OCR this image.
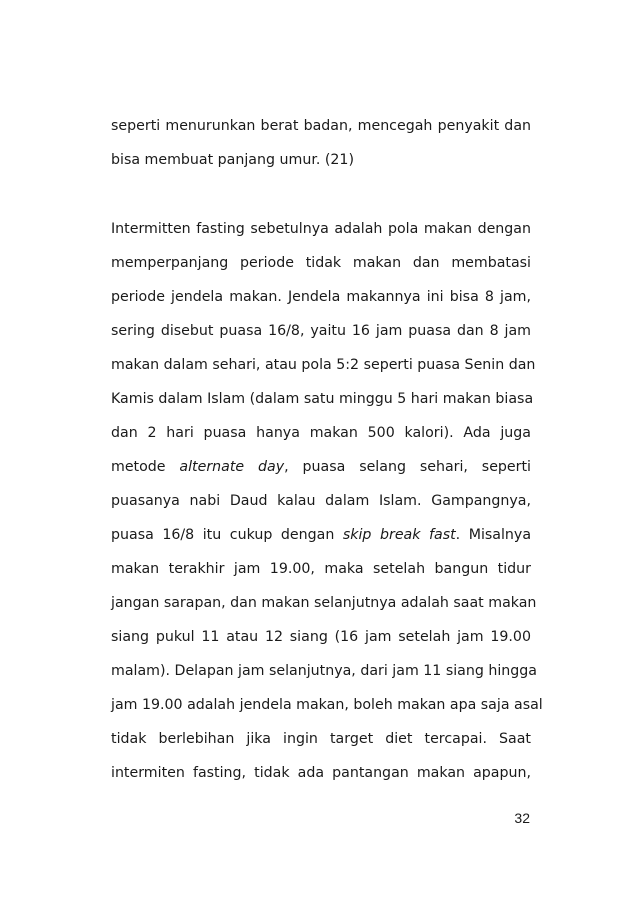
seperti menurunkan berat badan, mencegah penyakit dan
bisa membuat panjang umur. (21)
Intermitten fasting sebetulnya adalah pola makan dengan
memperpanjang periode tidak makan dan membatasi
periode jendela makan. Jendela makannya ini bisa 8 jam,
sering disebut puasa 16/8, yaitu 16 jam puasa dan 8 jam
makan dalam sehari, atau pola 5:2 seperti puasa Senin dan
Kamis dalam Islam (dalam satu minggu 5 hari makan biasa
dan 2 hari puasa hanya makan 500 kalori). Ada juga
metode alternate day, puasa selang sehari, seperti
puasanya nabi Daud kalau dalam Islam. Gampangnya,
puasa 16/8 itu cukup dengan skip break fast. Misalnya
makan terakhir jam 19.00, maka setelah bangun tidur
jangan sarapan, dan makan selanjutnya adalah saat makan
siang pukul 11 atau 12 siang (16 jam setelah jam 19.00
malam). Delapan jam selanjutnya, dari jam 11 siang hingga
jam 19.00 adalah jendela makan, boleh makan apa saja asal
tidak berlebihan jika ingin target diet tercapai. Saat
intermiten fasting, tidak ada pantangan makan apapun,
32
